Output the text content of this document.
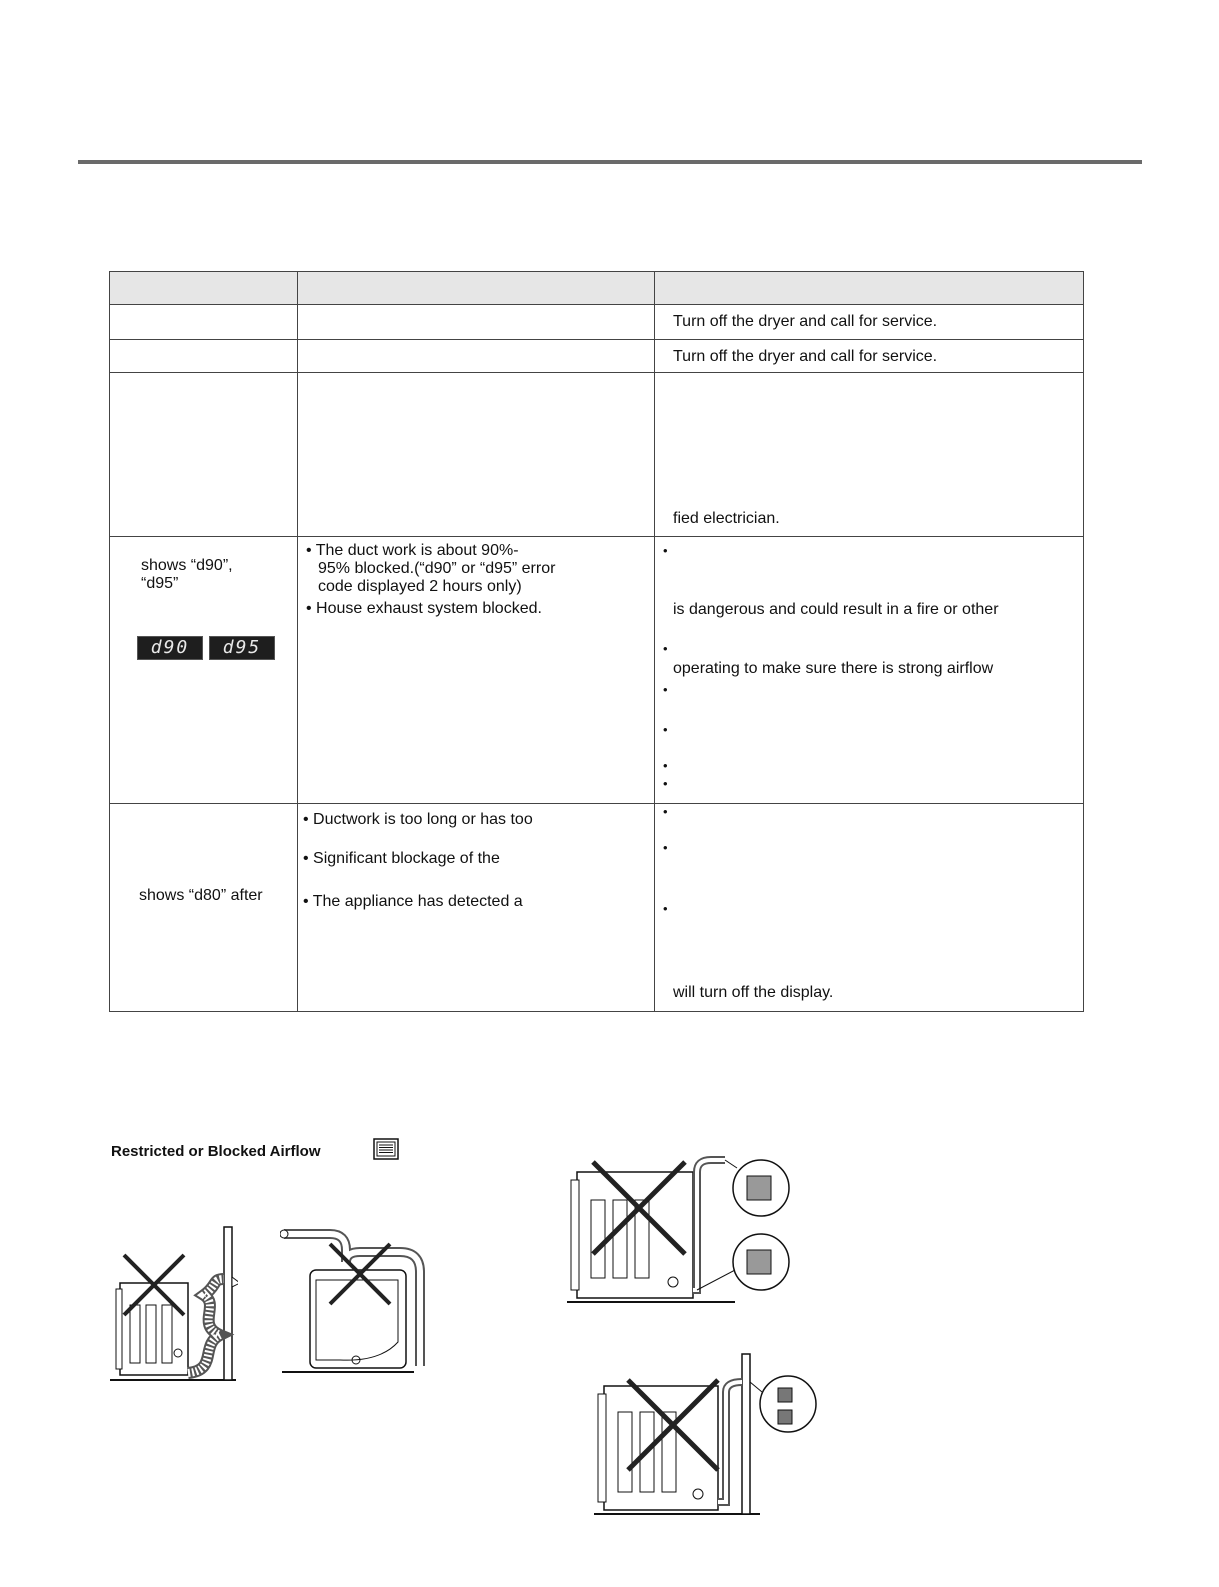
Turn off the dryer and call for service.
Turn off the dryer and call for service.
fied electrician.
shows “d90”,
“d95”
d90	d95
• The duct work is about 90%-
95% blocked.(“d90” or “d95” error
code displayed 2 hours only)
• House exhaust system blocked.
•
is dangerous and could result in a fire or other
•
operating to make sure there is strong airflow
•
•
•
•
shows “d80” after
• Ductwork is too long or has too
• Significant blockage of the
• The appliance has detected a
•
•
•
will turn off the display.
Restricted or Blocked Airflow
